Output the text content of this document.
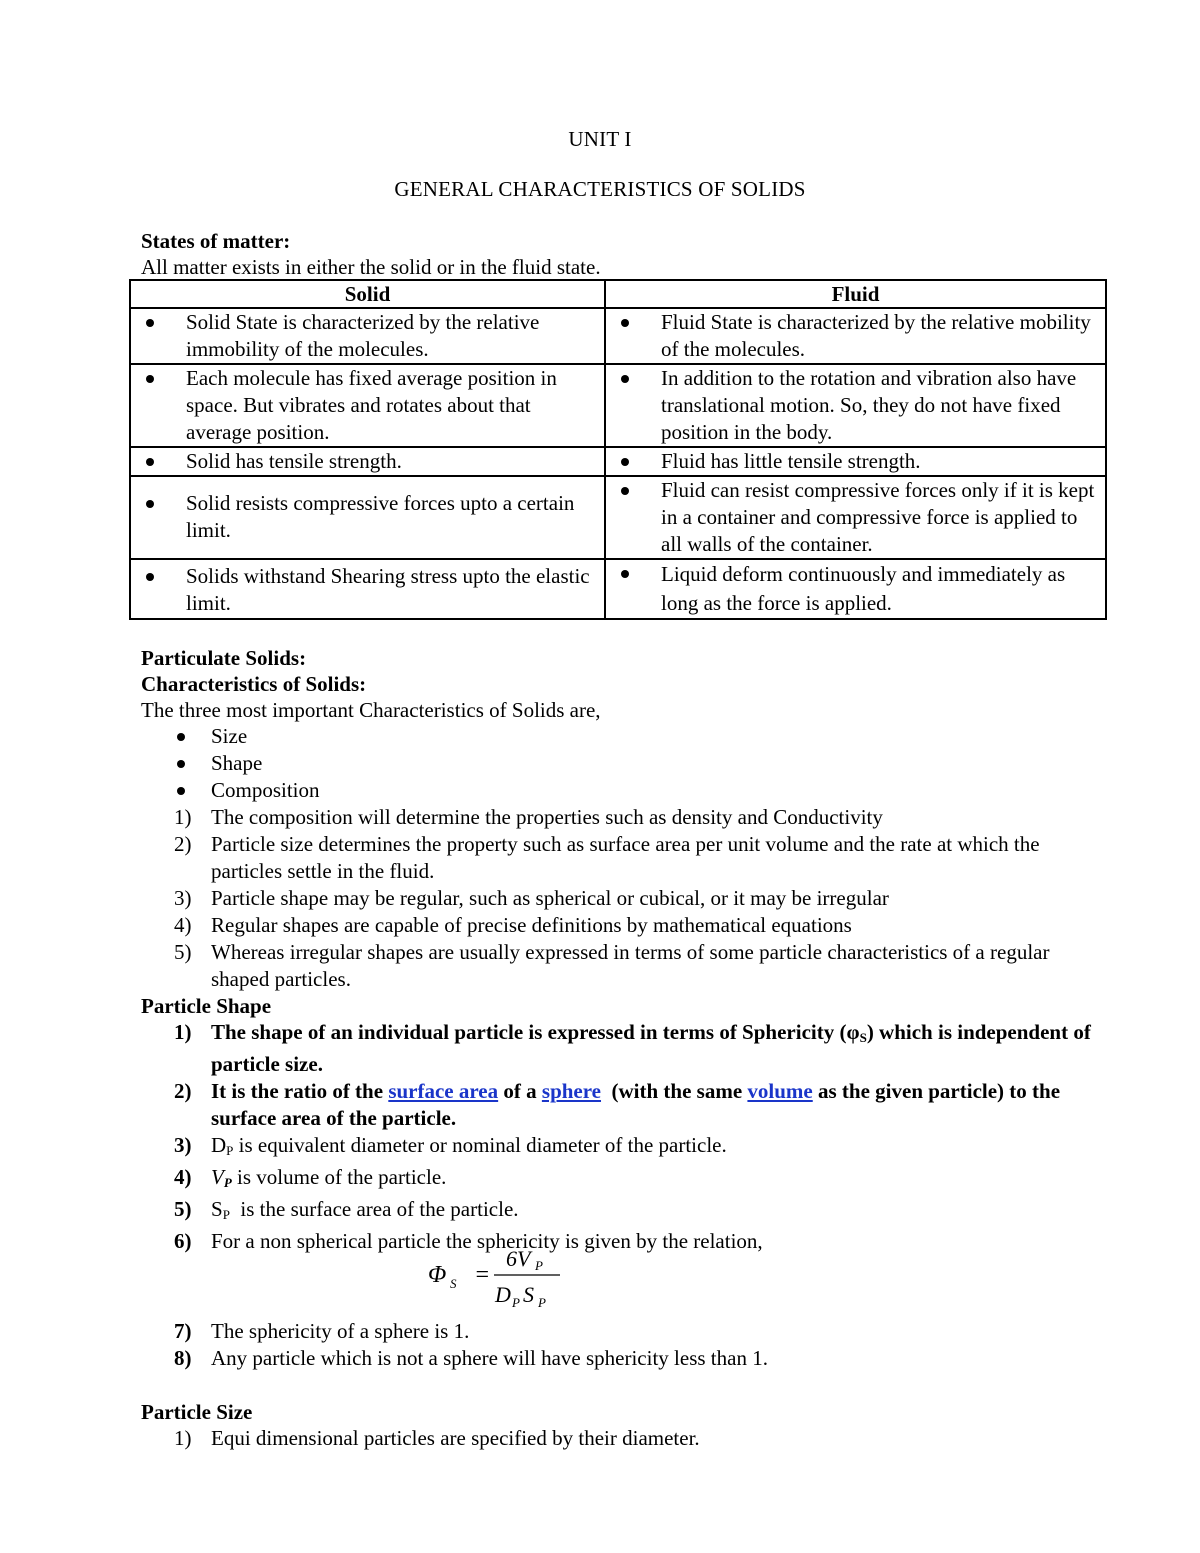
UNIT I
GENERAL CHARACTERISTICS OF SOLIDS
States of matter:
All matter exists in either the solid or in the fluid state.
Solid	Fluid

Solid State is characterized by the relative immobility of the molecules.	Fluid State is characterized by the relative mobility of the molecules.

Each molecule has fixed average position in space. But vibrates and rotates about that average position.	In addition to the rotation and vibration also have translational motion. So, they do not have fixed position in the body.

Solid has tensile strength.	Fluid has little tensile strength.

Solid resists compressive forces upto a certain limit.	Fluid can resist compressive forces only if it is kept in a container and compressive force is applied to all walls of the container.

Solids withstand Shearing stress upto the elastic limit.	Liquid deform continuously and immediately as long as the force is applied.
Particulate Solids:
Characteristics of Solids:
The three most important Characteristics of Solids are,
Size
Shape
Composition
1) The composition will determine the properties such as density and Conductivity
2) Particle size determines the property such as surface area per unit volume and the rate at which the particles settle in the fluid.
3) Particle shape may be regular, such as spherical or cubical, or it may be irregular
4) Regular shapes are capable of precise definitions by mathematical equations
5) Whereas irregular shapes are usually expressed in terms of some particle characteristics of a regular shaped particles.
Particle Shape
1) The shape of an individual particle is expressed in terms of Sphericity $(\varphi_S)$ which is independent of particle size.
2) It is the ratio of the surface area of a sphere  (with the same volume as the given particle) to the surface area of the particle.
3) $D_P$ is equivalent diameter or nominal diameter of the particle.
4) $V_P$ is volume of the particle.
5) $S_P$  is the surface area of the particle.
6) For a non spherical particle the sphericity is given by the relation,
Φ S =
6V P
D P S P
7) The sphericity of a sphere is 1.
8) Any particle which is not a sphere will have sphericity less than 1.
Particle Size
1) Equi dimensional particles are specified by their diameter.
